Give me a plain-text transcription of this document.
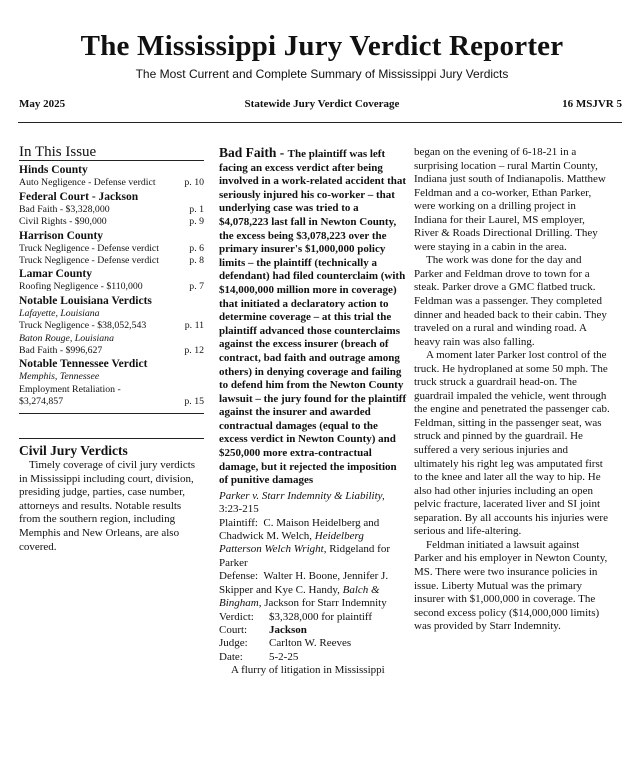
The Mississippi Jury Verdict Reporter
The Most Current and Complete Summary of Mississippi Jury Verdicts
May 2025	Statewide Jury Verdict Coverage	16 MSJVR 5
In This Issue
Hinds County
Auto Negligence - Defense verdict	p. 10
Federal Court - Jackson
Bad Faith - $3,328,000	p. 1
Civil Rights - $90,000	p. 9
Harrison County
Truck Negligence - Defense verdict	p. 6
Truck Negligence - Defense verdict	p. 8
Lamar County
Roofing Negligence - $110,000	p. 7
Notable Louisiana Verdicts
Lafayette, Louisiana
Truck Negligence - $38,052,543	p. 11
Baton Rouge, Louisiana
Bad Faith - $996,627	p. 12
Notable Tennessee Verdict
Memphis, Tennessee
Employment Retaliation - $3,274,857	p. 15
Civil Jury Verdicts

Timely coverage of civil jury verdicts in Mississippi including court, division, presiding judge, parties, case number, attorneys and results. Notable results from the southern region, including Memphis and New Orleans, are also covered.

Bad Faith - The plaintiff was left facing an excess verdict after being involved in a work-related accident that seriously injured his co-worker – that underlying case was tried to a $4,078,223 last fall in Newton County, the excess being $3,078,223 over the primary insurer's $1,000,000 policy limits – the plaintiff (technically a defendant) had filed counterclaim (with $14,000,000 million more in coverage) that initiated a declaratory action to determine coverage – at this trial the plaintiff advanced those counterclaims against the excess insurer (breach of contract, bad faith and outrage among others) in denying coverage and failing to defend him from the Newton County lawsuit – the jury found for the plaintiff against the insurer and awarded contractual damages (equal to the excess verdict in Newton County) and $250,000 more extra-contractual damage, but it rejected the imposition of punitive damages

Parker v. Starr Indemnity & Liability,

3:23-215

Plaintiff: C. Maison Heidelberg and Chadwick M. Welch, Heidelberg Patterson Welch Wright, Ridgeland for Parker

Defense: Walter H. Boone, Jennifer J. Skipper and Kye C. Handy, Balch & Bingham, Jackson for Starr Indemnity

Verdict:	$3,328,000 for plaintiff
Court:	Jackson
Judge:	Carlton W. Reeves
Date:	5-2-25

A flurry of litigation in Mississippi

began on the evening of 6-18-21 in a surprising location – rural Martin County, Indiana just south of Indianapolis. Matthew Feldman and a co-worker, Ethan Parker, were working on a drilling project in Indiana for their Laurel, MS employer, River & Roads Directional Drilling. They were staying in a cabin in the area.

The work was done for the day and Parker and Feldman drove to town for a steak. Parker drove a GMC flatbed truck. Feldman was a passenger. They completed dinner and headed back to their cabin. They traveled on a rural and winding road. A heavy rain was also falling.

A moment later Parker lost control of the truck. He hydroplaned at some 50 mph. The truck struck a guardrail head-on. The guardrail impaled the vehicle, went through the engine and penetrated the passenger cab. Feldman, sitting in the passenger seat, was struck and pinned by the guardrail. He suffered a very serious injuries and ultimately his right leg was amputated first to the knee and later all the way to hip. He also had other injuries including an open pelvic fracture, lacerated liver and SI joint separation. By all accounts his injuries were serious and life-altering.

Feldman initiated a lawsuit against Parker and his employer in Newton County, MS. There were two insurance policies in issue. Liberty Mutual was the primary insurer with $1,000,000 in coverage. The second excess policy ($14,000,000 limits) was provided by Starr Indemnity.
